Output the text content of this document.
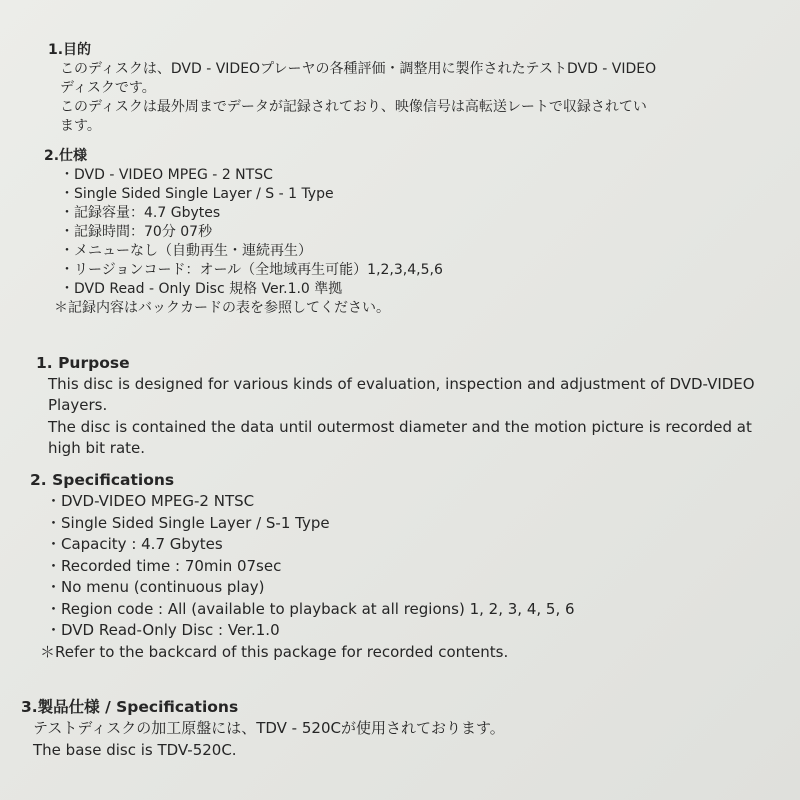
1.目的
このディスクは、DVD - VIDEOプレーヤの各種評価・調整用に製作されたテストDVD - VIDEO
ディスクです。
このディスクは最外周までデータが記録されており、映像信号は高転送レートで収録されてい
ます。
2.仕様
・DVD - VIDEO MPEG - 2 NTSC
・Single Sided Single Layer / S - 1 Type
・記録容量：4.7 Gbytes
・記録時間：70分 07秒
・メニューなし（自動再生・連続再生）
・リージョンコード：オール（全地域再生可能）1,2,3,4,5,6
・DVD Read - Only Disc 規格 Ver.1.0 準拠
＊記録内容はバックカードの表を参照してください。
1. Purpose
This disc is designed for various kinds of evaluation, inspection and adjustment of DVD-VIDEO
Players.
The disc is contained the data until outermost diameter and the motion picture is recorded at
high bit rate.
2. Specifications
・DVD-VIDEO MPEG-2 NTSC
・Single Sided Single Layer / S-1 Type
・Capacity : 4.7 Gbytes
・Recorded time : 70min 07sec
・No menu (continuous play)
・Region code : All (available to playback at all regions) 1, 2, 3, 4, 5, 6
・DVD Read-Only Disc : Ver.1.0
＊Refer to the backcard of this package for recorded contents.
3.製品仕様 / Specifications
テストディスクの加工原盤には、TDV - 520Cが使用されております。
The base disc is TDV-520C.
